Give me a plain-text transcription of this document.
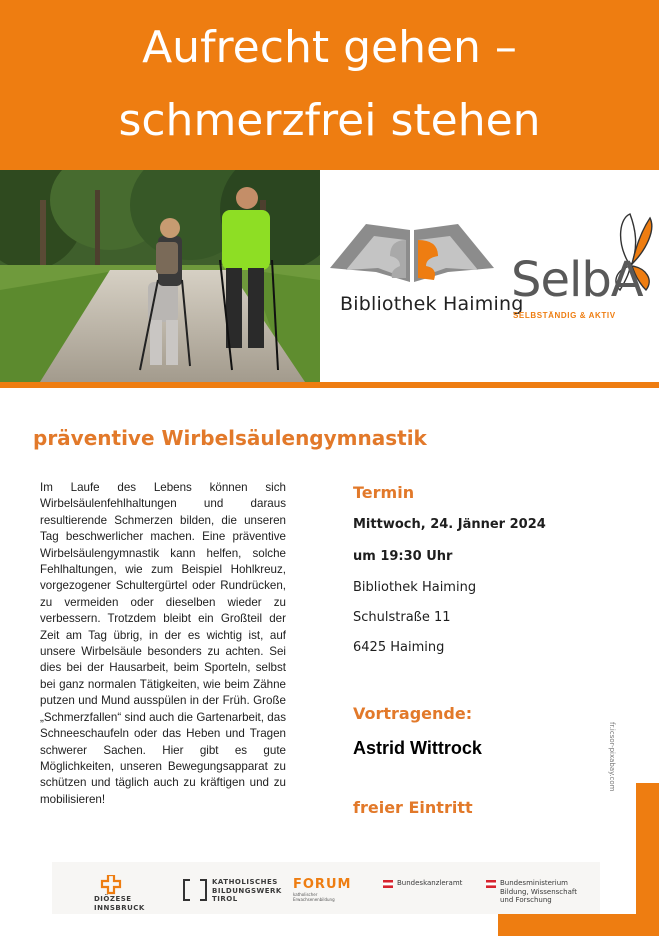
Aufrecht gehen –
schmerzfrei stehen
Bibliothek Haiming
SelbA
SELBSTÄNDIG & AKTIV
präventive Wirbelsäulengymnastik

Im Laufe des Lebens können sich Wirbelsäulenfehlhaltungen und daraus resultierende Schmerzen bilden, die unseren Tag beschwerlicher machen. Eine präventive Wirbelsäulengymnastik kann helfen, solche Fehlhaltungen, wie zum Beispiel Hohlkreuz, vorgezogener Schultergürtel oder Rundrücken, zu vermeiden oder dieselben wieder zu verbessern. Trotzdem bleibt ein Großteil der Zeit am Tag übrig, in der es wichtig ist, auf unsere Wirbelsäule besonders zu achten. Sei dies bei der Hausarbeit, beim Sporteln, selbst bei ganz normalen Tätigkeiten, wie beim Zähne putzen und Mund ausspülen in der Früh. Große „Schmerzfallen“ sind auch die Gartenarbeit, das Schneeschaufeln oder das Heben und Tragen schwerer Sachen. Hier gibt es gute Möglichkeiten, unseren Bewegungsapparat zu schützen und täglich auch zu kräftigen und zu mobilisieren!

Termin
Mittwoch, 24. Jänner 2024
um 19:30 Uhr
Bibliothek Haiming
Schulstraße 11
6425 Haiming
Vortragende:
Astrid Wittrock
freier Eintritt
fr.icsor-pixabay.com
DIÖZESE
INNSBRUCK
KATHOLISCHES
BILDUNGSWERK
TIROL
FORUM
katholischer Erwachsenenbildung
Bundeskanzleramt	Bundesministerium
Bildung, Wissenschaft
und Forschung
